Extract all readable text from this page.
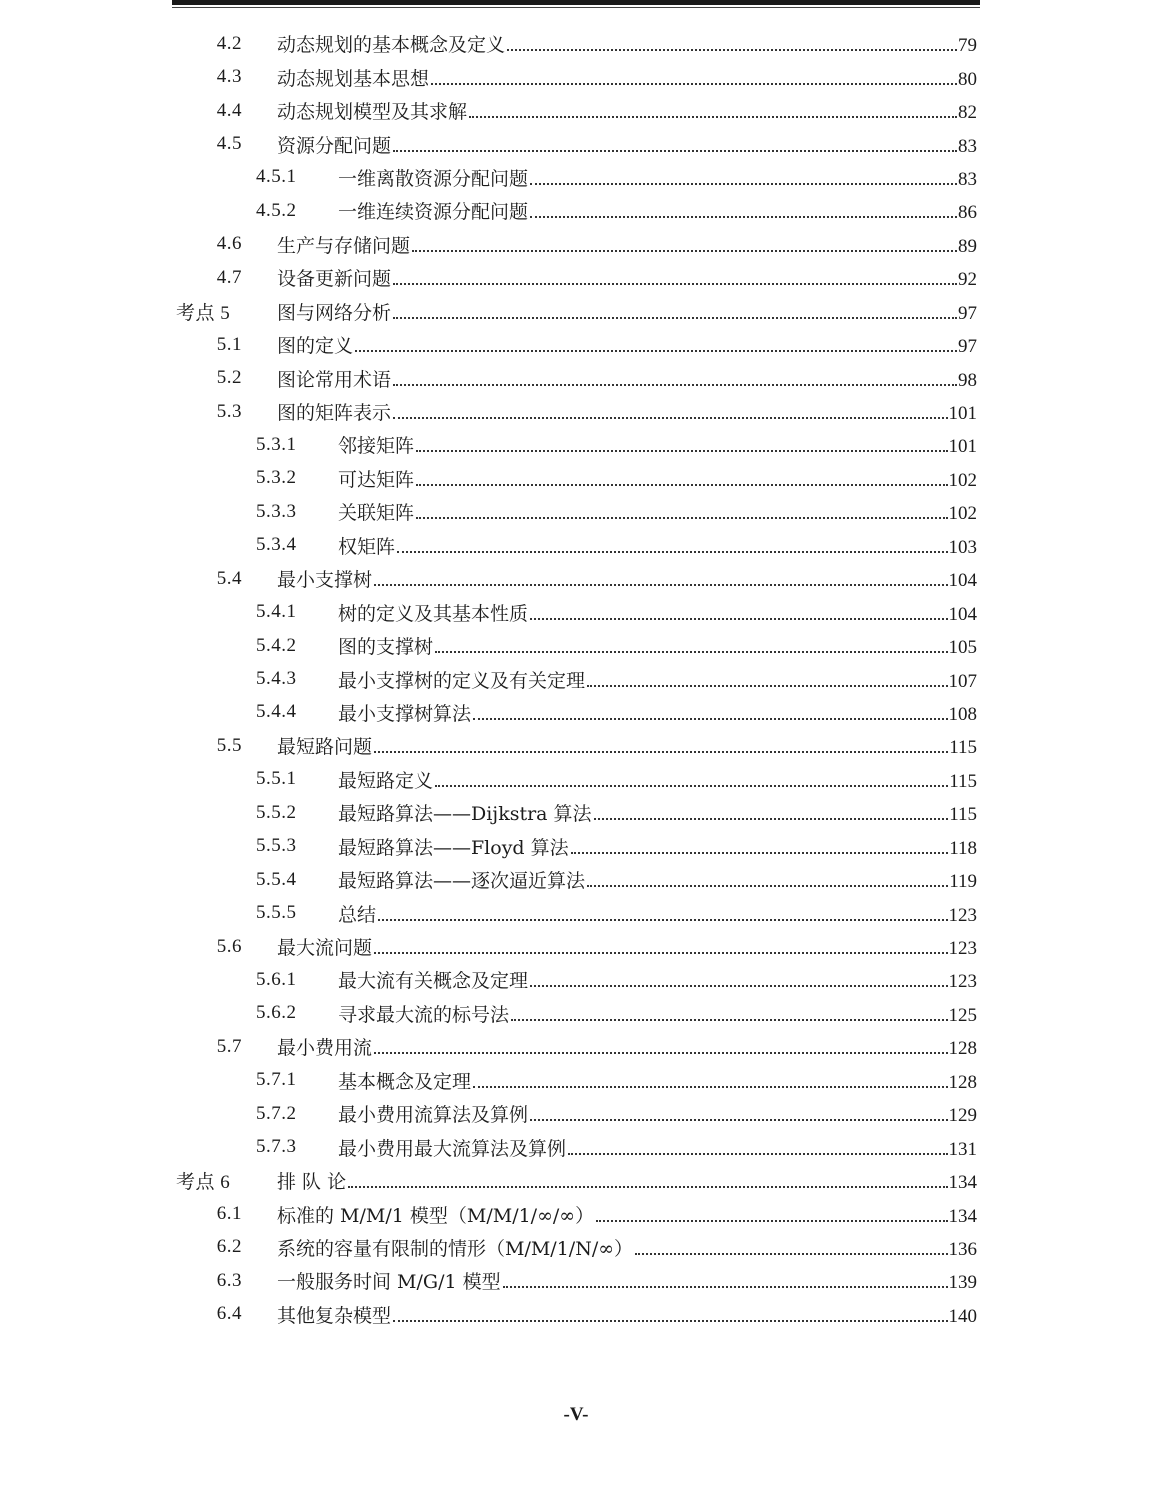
4.2 动态规划的基本概念及定义	79
4.3 动态规划基本思想	80
4.4 动态规划模型及其求解	82
4.5 资源分配问题	83
4.5.1 一维离散资源分配问题	83
4.5.2 一维连续资源分配问题	86
4.6 生产与存储问题	89
4.7 设备更新问题	92
考点 5 图与网络分析	97
5.1 图的定义	97
5.2 图论常用术语	98
5.3 图的矩阵表示	101
5.3.1 邻接矩阵	101
5.3.2 可达矩阵	102
5.3.3 关联矩阵	102
5.3.4 权矩阵	103
5.4 最小支撑树	104
5.4.1 树的定义及其基本性质	104
5.4.2 图的支撑树	105
5.4.3 最小支撑树的定义及有关定理	107
5.4.4 最小支撑树算法	108
5.5 最短路问题	115
5.5.1 最短路定义	115
5.5.2 最短路算法——Dijkstra 算法	115
5.5.3 最短路算法——Floyd 算法	118
5.5.4 最短路算法——逐次逼近算法	119
5.5.5 总结	123
5.6 最大流问题	123
5.6.1 最大流有关概念及定理	123
5.6.2 寻求最大流的标号法	125
5.7 最小费用流	128
5.7.1 基本概念及定理	128
5.7.2 最小费用流算法及算例	129
5.7.3 最小费用最大流算法及算例	131
考点 6 排 队 论	134
6.1 标准的 M/M/1 模型（M/M/1/∞/∞）	134
6.2 系统的容量有限制的情形（M/M/1/N/∞）	136
6.3 一般服务时间 M/G/1 模型	139
6.4 其他复杂模型	140
-V-
